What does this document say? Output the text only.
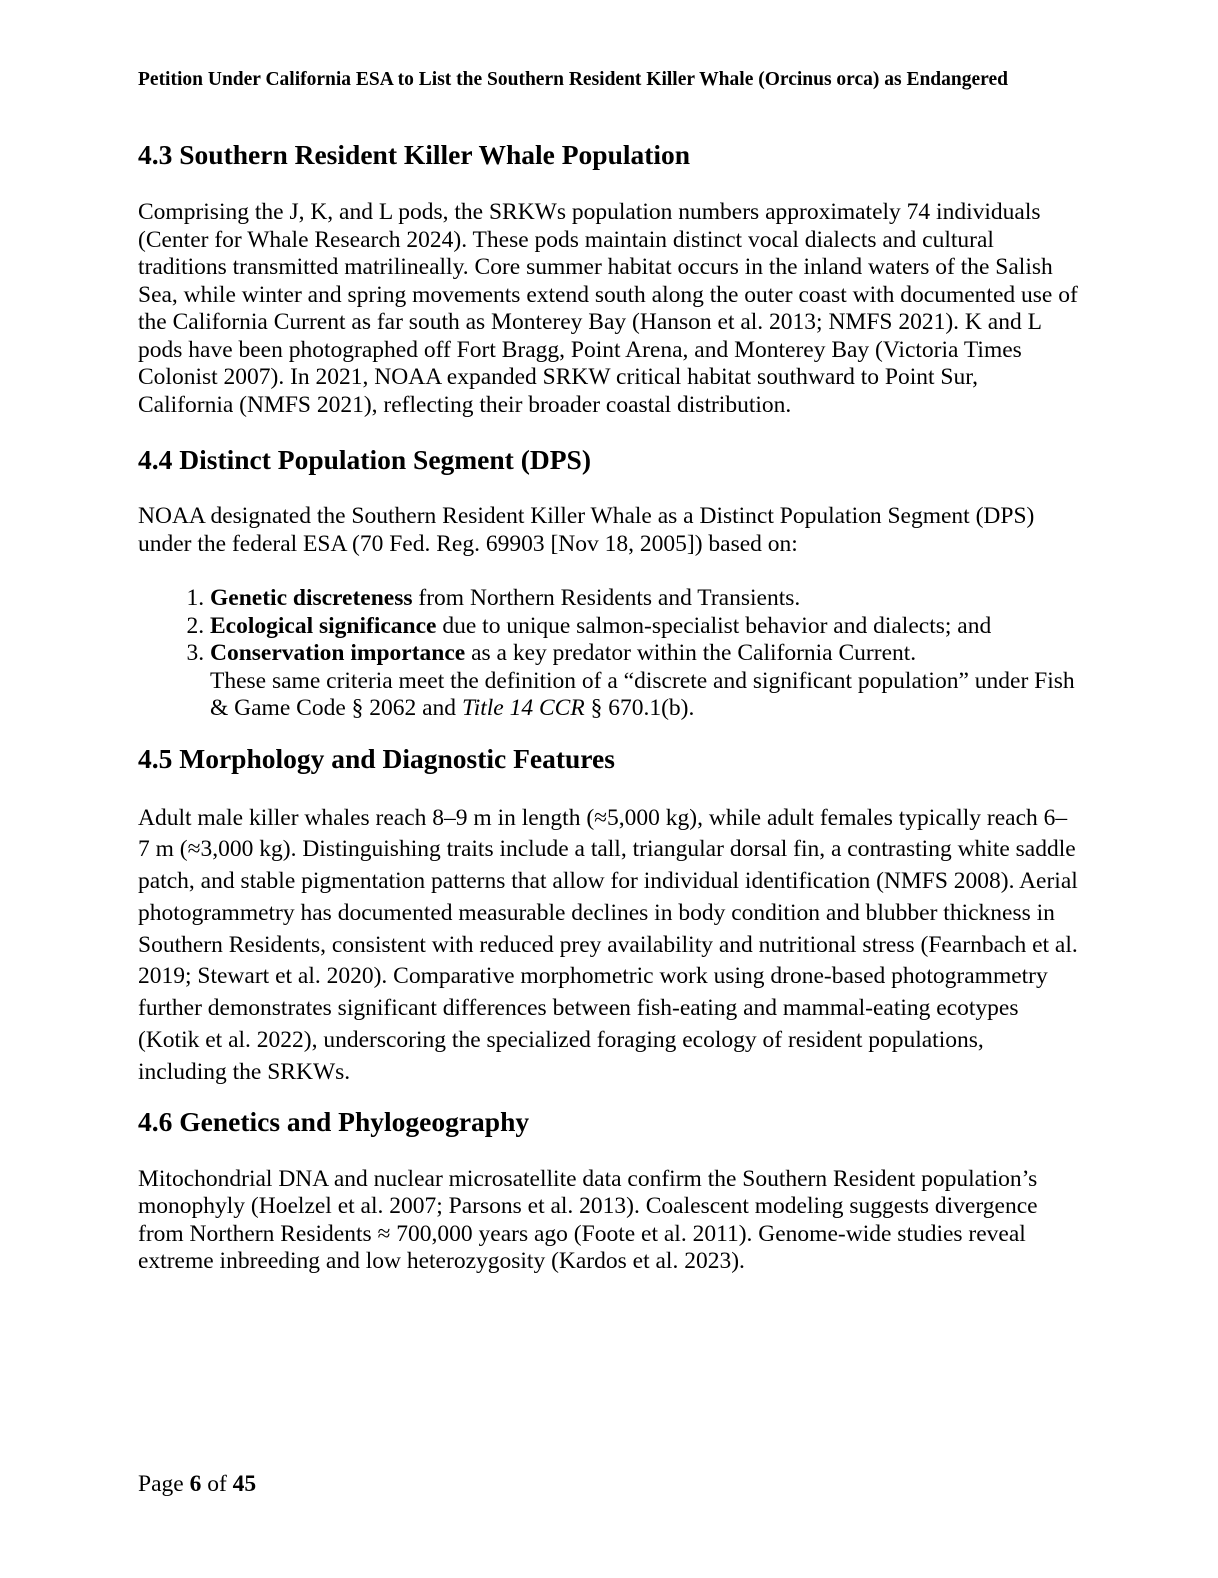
Petition Under California ESA to List the Southern Resident Killer Whale (Orcinus orca) as Endangered
4.3 Southern Resident Killer Whale Population

Comprising the J, K, and L pods, the SRKWs population numbers approximately 74 individuals (Center for Whale Research 2024). These pods maintain distinct vocal dialects and cultural traditions transmitted matrilineally. Core summer habitat occurs in the inland waters of the Salish Sea, while winter and spring movements extend south along the outer coast with documented use of the California Current as far south as Monterey Bay (Hanson et al. 2013; NMFS 2021). K and L pods have been photographed off Fort Bragg, Point Arena, and Monterey Bay (Victoria Times Colonist 2007). In 2021, NOAA expanded SRKW critical habitat southward to Point Sur, California (NMFS 2021), reflecting their broader coastal distribution.

4.4 Distinct Population Segment (DPS)

NOAA designated the Southern Resident Killer Whale as a Distinct Population Segment (DPS) under the federal ESA (70 Fed. Reg. 69903 [Nov 18, 2005]) based on:

1. Genetic discreteness from Northern Residents and Transients.
2. Ecological significance due to unique salmon-specialist behavior and dialects; and
3. Conservation importance as a key predator within the California Current.

These same criteria meet the definition of a “discrete and significant population” under Fish & Game Code § 2062 and Title 14 CCR § 670.1(b).

4.5 Morphology and Diagnostic Features

Adult male killer whales reach 8–9 m in length (≈5,000 kg), while adult females typically reach 6–7 m (≈3,000 kg). Distinguishing traits include a tall, triangular dorsal fin, a contrasting white saddle patch, and stable pigmentation patterns that allow for individual identification (NMFS 2008). Aerial photogrammetry has documented measurable declines in body condition and blubber thickness in Southern Residents, consistent with reduced prey availability and nutritional stress (Fearnbach et al. 2019; Stewart et al. 2020). Comparative morphometric work using drone-based photogrammetry further demonstrates significant differences between fish-eating and mammal-eating ecotypes (Kotik et al. 2022), underscoring the specialized foraging ecology of resident populations, including the SRKWs.

4.6 Genetics and Phylogeography

Mitochondrial DNA and nuclear microsatellite data confirm the Southern Resident population’s monophyly (Hoelzel et al. 2007; Parsons et al. 2013). Coalescent modeling suggests divergence from Northern Residents ≈ 700,000 years ago (Foote et al. 2011). Genome-wide studies reveal extreme inbreeding and low heterozygosity (Kardos et al. 2023).

Page 6 of 45
